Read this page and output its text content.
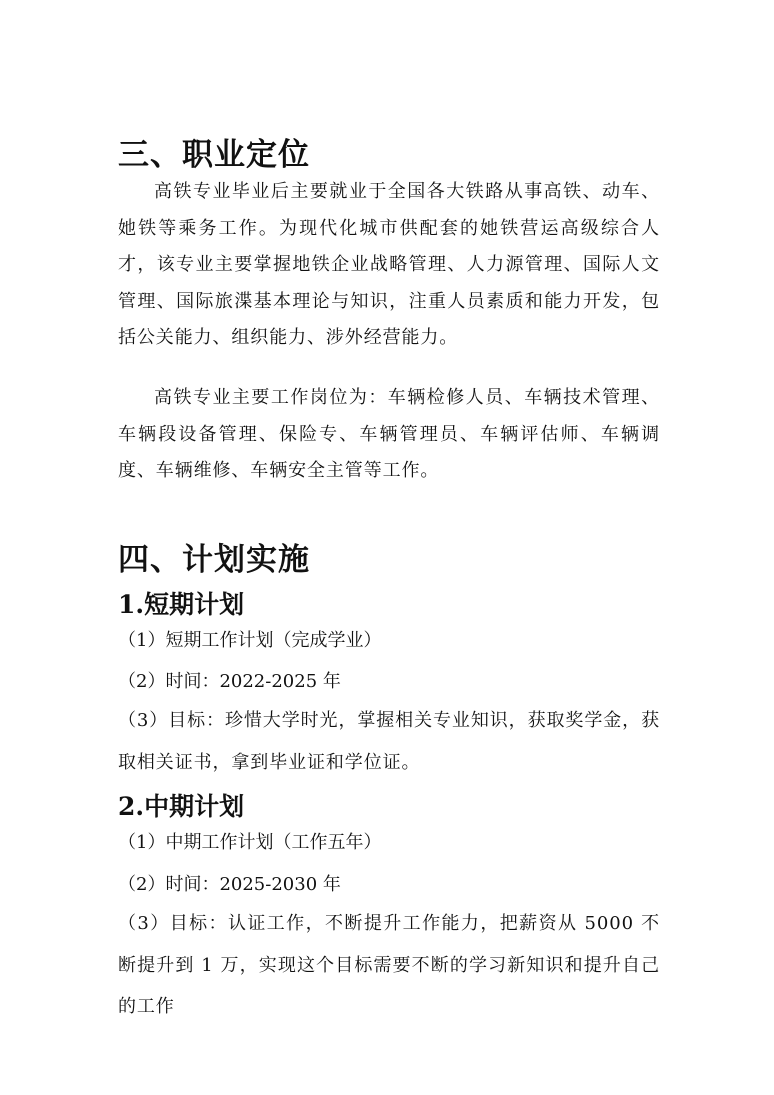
三、职业定位

高铁专业毕业后主要就业于全国各大铁路从事高铁、动车、她铁等乘务工作。为现代化城市供配套的她铁营运高级综合人才，该专业主要掌握地铁企业战略管理、人力源管理、国际人文管理、国际旅渫基本理论与知识，注重人员素质和能力开发，包括公关能力、组织能力、涉外经营能力。

高铁专业主要工作岗位为：车辆检修人员、车辆技术管理、车辆段设备管理、保险专、车辆管理员、车辆评估师、车辆调度、车辆维修、车辆安全主管等工作。

四、计划实施
1.短期计划

（1）短期工作计划（完成学业）

（2）时间：2022-2025 年

（3）目标：珍惜大学时光，掌握相关专业知识，获取奖学金，获取相关证书，拿到毕业证和学位证。

2.中期计划

（1）中期工作计划（工作五年）

（2）时间：2025-2030 年

（3）目标：认证工作，不断提升工作能力，把薪资从 5000 不断提升到 1 万，实现这个目标需要不断的学习新知识和提升自己的工作
